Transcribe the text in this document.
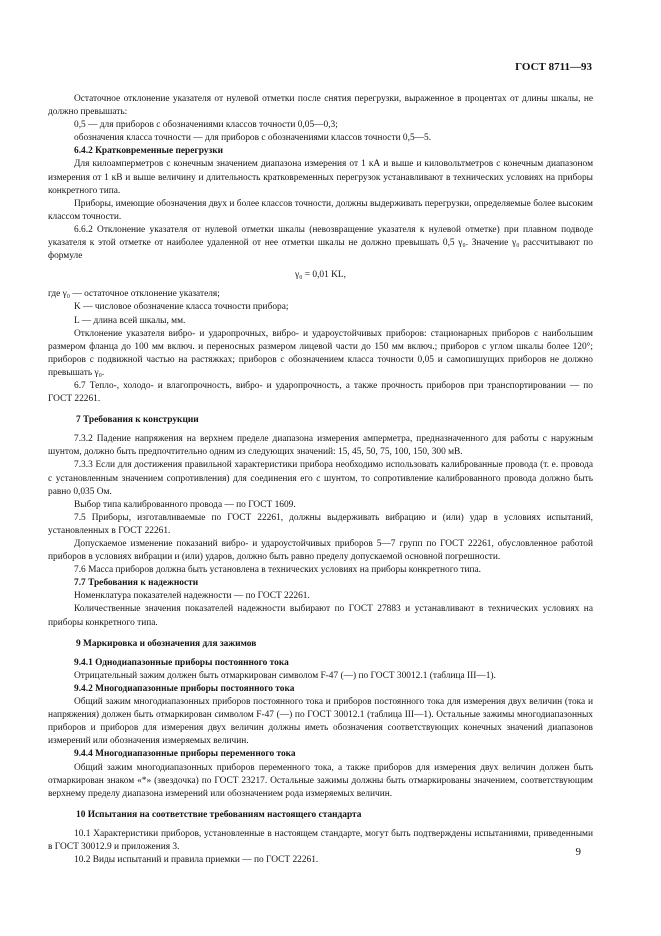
ГОСТ 8711—93

Остаточное отклонение указателя от нулевой отметки после снятия перегрузки, выраженное в процентах от длины шкалы, не должно превышать:

0,5 — для приборов с обозначениями классов точности 0,05—0,3;

обозначения класса точности — для приборов с обозначениями классов точности 0,5—5.

6.4.2 Кратковременные перегрузки

Для килоамперметров с конечным значением диапазона измерения от 1 кА и выше и киловольтметров с конечным диапазоном измерения от 1 кВ и выше величину и длительность кратковременных перегрузок устанавливают в технических условиях на приборы конкретного типа.

Приборы, имеющие обозначения двух и более классов точности, должны выдерживать перегрузки, определяемые более высоким классом точности.

6.6.2 Отклонение указателя от нулевой отметки шкалы (невозвращение указателя к нулевой отметке) при плавном подводе указателя к этой отметке от наиболее удаленной от нее отметки шкалы не должно превышать 0,5 γ₀. Значение γ₀ рассчитывают по формуле

γ₀ = 0,01 KL,

где γ₀ — остаточное отклонение указателя;

K — числовое обозначение класса точности прибора;

L — длина всей шкалы, мм.

Отклонение указателя вибро- и ударопрочных, вибро- и удароустойчивых приборов: стационарных приборов с наибольшим размером фланца до 100 мм включ. и переносных размером лицевой части до 150 мм включ.; приборов с углом шкалы более 120°; приборов с подвижной частью на растяжках; приборов с обозначением класса точности 0,05 и самопишущих приборов не должно превышать γ₀.

6.7 Тепло-, холодо- и влагопрочность, вибро- и ударопрочность, а также прочность приборов при транспортировании — по ГОСТ 22261.

7 Требования к конструкции

7.3.2 Падение напряжения на верхнем пределе диапазона измерения амперметра, предназначенного для работы с наружным шунтом, должно быть предпочтительно одним из следующих значений: 15, 45, 50, 75, 100, 150, 300 мВ.

7.3.3 Если для достижения правильной характеристики прибора необходимо использовать калиброванные провода (т. е. провода с установленным значением сопротивления) для соединения его с шунтом, то сопротивление калиброванного провода должно быть равно 0,035 Ом.

Выбор типа калиброванного провода — по ГОСТ 1609.

7.5 Приборы, изготавливаемые по ГОСТ 22261, должны выдерживать вибрацию и (или) удар в условиях испытаний, установленных в ГОСТ 22261.

Допускаемое изменение показаний вибро- и удароустойчивых приборов 5—7 групп по ГОСТ 22261, обусловленное работой приборов в условиях вибрации и (или) ударов, должно быть равно пределу допускаемой основной погрешности.

7.6 Масса приборов должна быть установлена в технических условиях на приборы конкретного типа.

7.7 Требования к надежности

Номенклатура показателей надежности — по ГОСТ 22261.

Количественные значения показателей надежности выбирают по ГОСТ 27883 и устанавливают в технических условиях на приборы конкретного типа.

9 Маркировка и обозначения для зажимов

9.4.1 Однодиапазонные приборы постоянного тока

Отрицательный зажим должен быть отмаркирован символом F-47 (—) по ГОСТ 30012.1 (таблица III—1).

9.4.2 Многодиапазонные приборы постоянного тока

Общий зажим многодиапазонных приборов постоянного тока и приборов постоянного тока для измерения двух величин (тока и напряжения) должен быть отмаркирован символом F-47 (—) по ГОСТ 30012.1 (таблица III—1). Остальные зажимы многодиапазонных приборов и приборов для измерения двух величин должны иметь обозначения соответствующих конечных значений диапазонов измерений или обозначения измеряемых величин.

9.4.4 Многодиапазонные приборы переменного тока

Общий зажим многодиапазонных приборов переменного тока, а также приборов для измерения двух величин должен быть отмаркирован знаком «*» (звездочка) по ГОСТ 23217. Остальные зажимы должны быть отмаркированы значением, соответствующим верхнему пределу диапазона измерений или обозначением рода измеряемых величин.

10 Испытания на соответствие требованиям настоящего стандарта

10.1 Характеристики приборов, установленные в настоящем стандарте, могут быть подтверждены испытаниями, приведенными в ГОСТ 30012.9 и приложения 3.

10.2 Виды испытаний и правила приемки — по ГОСТ 22261.

9
